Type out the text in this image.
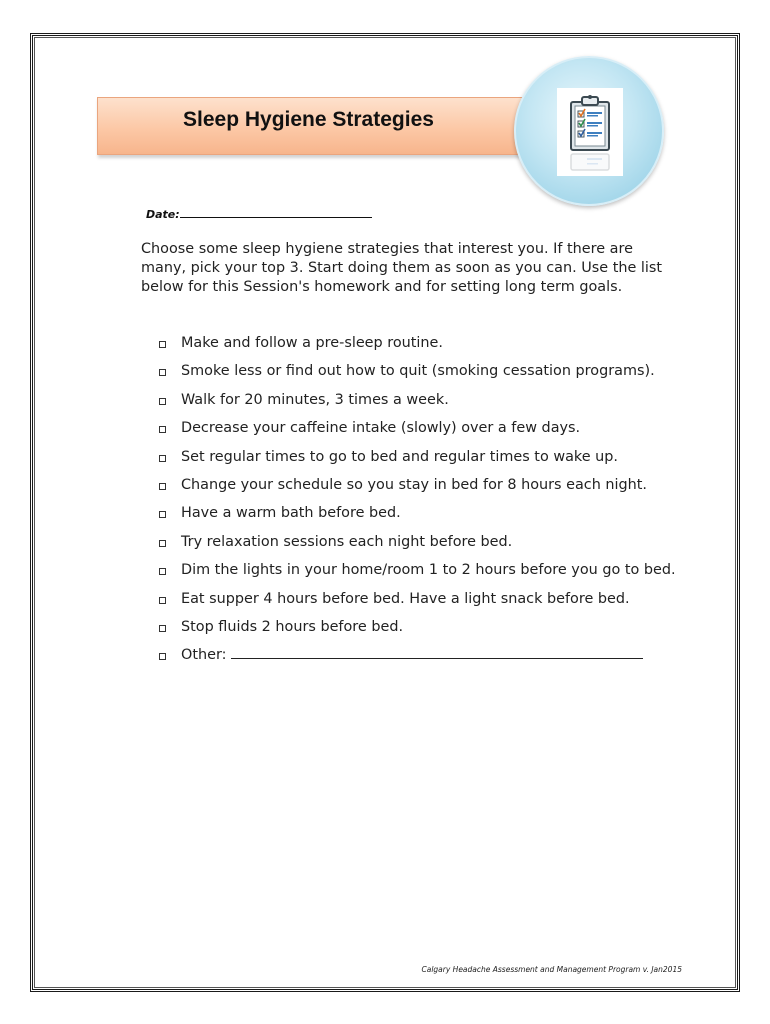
Sleep Hygiene Strategies
Date:
Choose some sleep hygiene strategies that interest you. If there are many, pick your top 3. Start doing them as soon as you can. Use the list below for this Session's homework and for setting long term goals.
Make and follow a pre-sleep routine.
Smoke less or find out how to quit (smoking cessation programs).
Walk for 20 minutes, 3 times a week.
Decrease your caffeine intake (slowly) over a few days.
Set regular times to go to bed and regular times to wake up.
Change your schedule so you stay in bed for 8 hours each night.
Have a warm bath before bed.
Try relaxation sessions each night before bed.
Dim the lights in your home/room 1 to 2 hours before you go to bed.
Eat supper 4 hours before bed. Have a light snack before bed.
Stop fluids 2 hours before bed.
Other:
Calgary Headache Assessment and Management Program v. Jan2015
